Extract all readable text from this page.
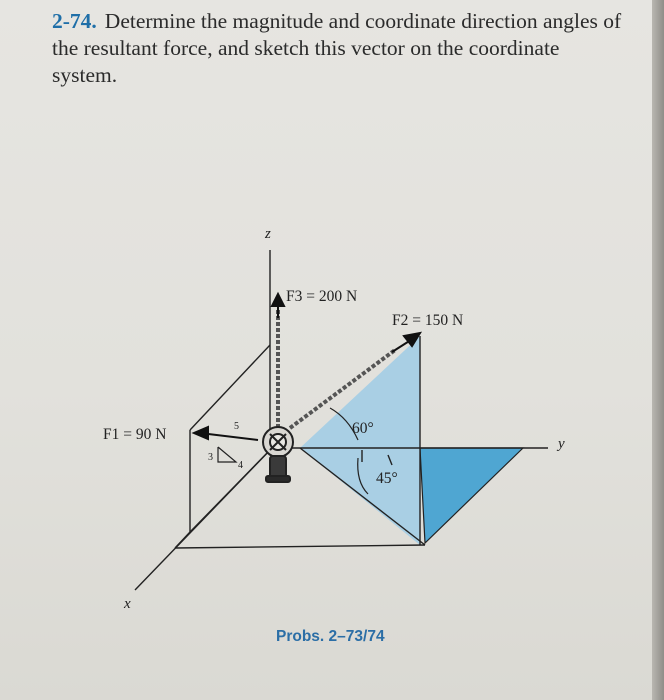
2-74. Determine the magnitude and coordinate direction angles of the resultant force, and sketch this vector on the coordinate system.
z
y
x
F1 = 90 N
F2 = 150 N
F3 = 200 N
60°
45°
5
4
3
Probs. 2–73/74
